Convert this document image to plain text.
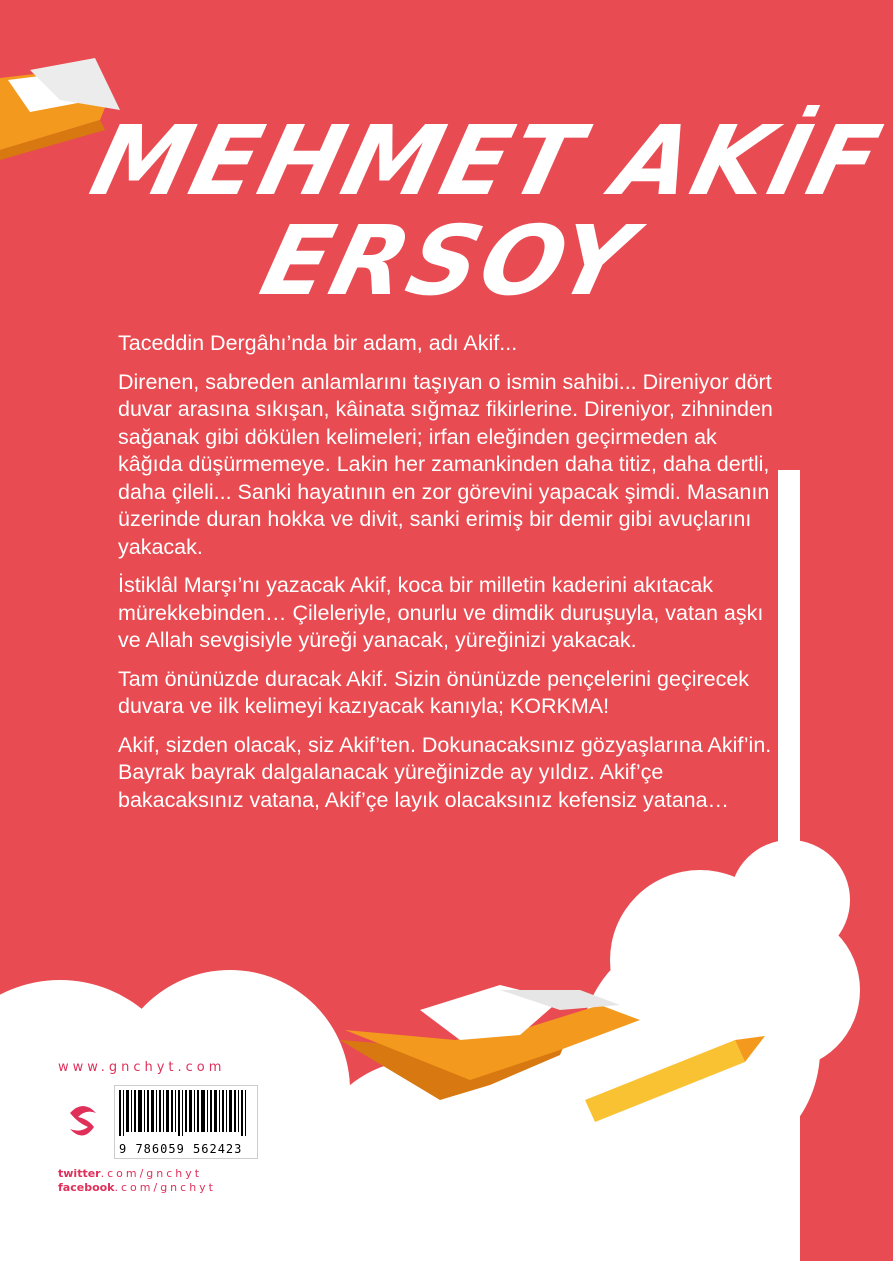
MEHMET AKİF
ERSOY

Taceddin Dergâhı’nda bir adam, adı Akif...

Direnen, sabreden anlamlarını taşıyan o ismin sahibi... Direniyor dört duvar arasına sıkışan, kâinata sığmaz fikirlerine. Direniyor, zihninden sağanak gibi dökülen kelimeleri; irfan eleğinden geçirmeden ak kâğıda düşürmemeye. Lakin her zamankinden daha titiz, daha dertli, daha çileli... Sanki hayatının en zor görevini yapacak şimdi. Masanın üzerinde duran hokka ve divit, sanki erimiş bir demir gibi avuçlarını yakacak.

İstiklâl Marşı’nı yazacak Akif, koca bir milletin kaderini akıtacak mürekkebinden… Çileleriyle, onurlu ve dimdik duruşuyla, vatan aşkı ve Allah sevgisiyle yüreği yanacak, yüreğinizi yakacak.

Tam önünüzde duracak Akif. Sizin önünüzde pençelerini geçirecek duvara ve ilk kelimeyi kazıyacak kanıyla; KORKMA!

Akif, sizden olacak, siz Akif’ten. Dokunacaksınız gözyaşlarına Akif’in. Bayrak bayrak dalgalanacak yüreğinizde ay yıldız. Akif’çe bakacaksınız vatana, Akif’çe layık olacaksınız kefensiz yatana…

www.gnchyt.com
9 786059 562423
twitter.com/gnchyt
facebook.com/gnchyt
